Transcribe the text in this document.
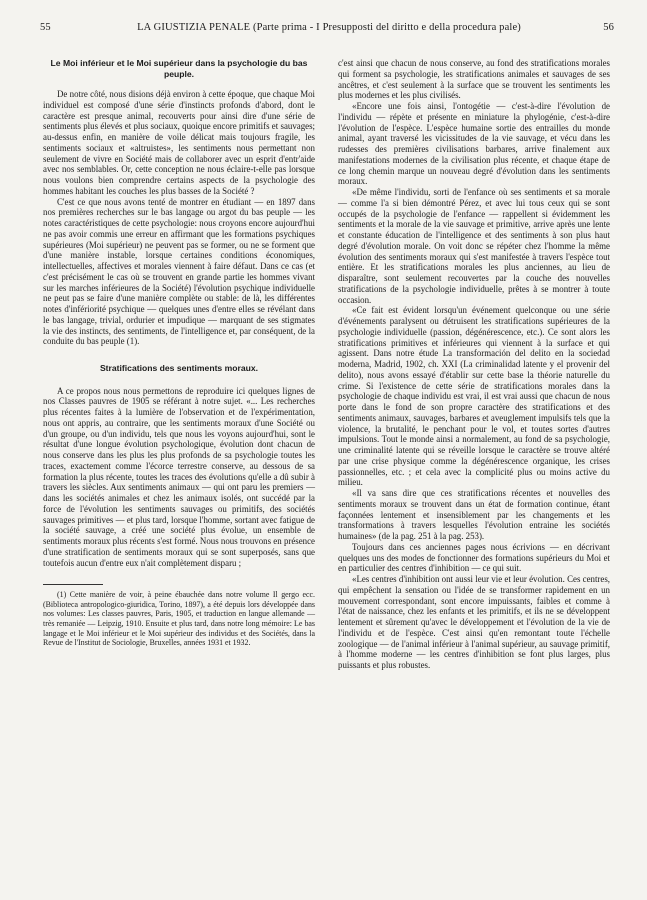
55	LA GIUSTIZIA PENALE (Parte prima - I Presupposti del diritto e della procedura pale)	56
Le Moi inférieur et le Moi supérieur dans la psychologie du bas peuple.

De notre côté, nous disions déjà environ à cette époque, que chaque Moi individuel est composé d'une série d'instincts profonds d'abord, dont le caractère est presque animal, recouverts pour ainsi dire d'une série de sentiments plus élevés et plus sociaux, quoique encore primitifs et sauvages; au-dessus enfin, en manière de voile délicat mais toujours fragile, les sentiments sociaux et «altruistes», les sentiments nous permettant non seulement de vivre en Société mais de collaborer avec un esprit d'entr'aide avec nos semblables. Or, cette conception ne nous éclaire-t-elle pas lorsque nous voulons bien comprendre certains aspects de la psychologie des hommes habitant les couches les plus basses de la Société ?

C'est ce que nous avons tenté de montrer en étudiant — en 1897 dans nos premières recherches sur le bas langage ou argot du bas peuple — les notes caractéristiques de cette psychologie: nous croyons encore aujourd'hui ne pas avoir commis une erreur en affirmant que les formations psychiques supérieures (Moi supérieur) ne peuvent pas se former, ou ne se forment que d'une manière instable, lorsque certaines conditions économiques, intellectuelles, affectives et morales viennent à faire défaut. Dans ce cas (et c'est précisément le cas où se trouvent en grande partie les hommes vivant sur les marches inférieures de la Société) l'évolution psychique individuelle ne peut pas se faire d'une manière complète ou stable: de là, les différentes notes d'infériorité psychique — quelques unes d'entre elles se révélant dans le bas langage, trivial, ordurier et impudique — marquant de ses stigmates la vie des instincts, des sentiments, de l'intelligence et, par conséquent, de la conduite du bas peuple (1).

Stratifications des sentiments moraux.

A ce propos nous nous permettons de reproduire ici quelques lignes de nos Classes pauvres de 1905 se référant à notre sujet. «... Les recherches plus récentes faites à la lumière de l'observation et de l'expérimentation, nous ont appris, au contraire, que les sentiments moraux d'une Société ou d'un groupe, ou d'un individu, tels que nous les voyons aujourd'hui, sont le résultat d'une longue évolution psychologique, évolution dont chacun de nous conserve dans les plus les plus profonds de sa psychologie toutes les traces, exactement comme l'écorce terrestre conserve, au dessous de sa formation la plus récente, toutes les traces des évolutions qu'elle a dû subir à travers les siècles. Aux sentiments animaux — qui ont paru les premiers — dans les sociétés animales et chez les animaux isolés, ont succédé par la force de l'évolution les sentiments sauvages ou primitifs, des sociétés sauvages primitives — et plus tard, lorsque l'homme, sortant avec fatigue de la société sauvage, a créé une société plus évolue, un ensemble de sentiments moraux plus récents s'est formé. Nous nous trouvons en présence d'une stratification de sentiments moraux qui se sont superposés, sans que toutefois aucun d'entre eux n'ait complètement disparu ;

(1) Cette manière de voir, à peine ébauchée dans notre volume Il gergo ecc. (Biblioteca antropologico-giuridica, Torino, 1897), a été depuis lors développée dans nos volumes: Les classes pauvres, Paris, 1905, et traduction en langue allemande — très remaniée — Leipzig, 1910. Ensuite et plus tard, dans notre long mémoire: Le bas langage et le Moi inférieur et le Moi supérieur des individus et des Sociétés, dans la Revue de l'Institut de Sociologie, Bruxelles, années 1931 et 1932.

c'est ainsi que chacun de nous conserve, au fond des stratifications morales qui forment sa psychologie, les stratifications animales et sauvages de ses ancêtres, et c'est seulement à la surface que se trouvent les sentiments les plus modernes et les plus civilisés.

«Encore une fois ainsi, l'ontogétie — c'est-à-dire l'évolution de l'individu — répète et présente en miniature la phylogénie, c'est-à-dire l'évolution de l'espèce. L'espèce humaine sortie des entrailles du monde animal, ayant traversé les vicissitudes de la vie sauvage, et vécu dans les rudesses des premières civilisations barbares, arrive finalement aux manifestations modernes de la civilisation plus récente, et chaque étape de ce long chemin marque un nouveau degré d'évolution dans les sentiments moraux.

«De même l'individu, sorti de l'enfance où ses sentiments et sa morale — comme l'a si bien démontré Pérez, et avec lui tous ceux qui se sont occupés de la psychologie de l'enfance — rappellent si évidemment les sentiments et la morale de la vie sauvage et primitive, arrive après une lente et constante éducation de l'intelligence et des sentiments à son plus haut degré d'évolution morale. On voit donc se répéter chez l'homme la même évolution des sentiments moraux qui s'est manifestée à travers l'espèce tout entière. Et les stratifications morales les plus anciennes, au lieu de disparaître, sont seulement recouvertes par la couche des nouvelles stratifications de la psychologie individuelle, prêtes à se montrer à toute occasion.

«Ce fait est évident lorsqu'un événement quelconque ou une série d'événements paralysent ou détruisent les stratifications supérieures de la psychologie individuelle (passion, dégénérescence, etc.). Ce sont alors les stratifications primitives et inférieures qui viennent à la surface et qui agissent. Dans notre étude La transformación del delito en la sociedad moderna, Madrid, 1902, ch. XXI (La criminalidad latente y el provenir del delito), nous avons essayé d'établir sur cette base la théorie naturelle du crime. Si l'existence de cette série de stratifications morales dans la psychologie de chaque individu est vrai, il est vrai aussi que chacun de nous porte dans le fond de son propre caractère des stratifications et des sentiments animaux, sauvages, barbares et aveuglement impulsifs tels que la violence, la brutalité, le penchant pour le vol, et toutes sortes d'autres impulsions. Tout le monde ainsi a normalement, au fond de sa psychologie, une criminalité latente qui se réveille lorsque le caractère se trouve altéré par une crise physique comme la dégénérescence organique, les crises passionnelles, etc. ; et cela avec la complicité plus ou moins active du milieu.

«Il va sans dire que ces stratifications récentes et nouvelles des sentiments moraux se trouvent dans un état de formation continue, étant façonnées lentement et insensiblement par les changements et les transformations à travers lesquelles l'évolution entraine les sociétés humaines» (de la pag. 251 à la pag. 253).

Toujours dans ces anciennes pages nous écrivions — en décrivant quelques uns des modes de fonctionner des formations supérieurs du Moi et en particulier des centres d'inhibition — ce qui suit.

«Les centres d'inhibition ont aussi leur vie et leur évolution. Ces centres, qui empêchent la sensation ou l'idée de se transformer rapidement en un mouvement correspondant, sont encore impuissants, faibles et comme à l'état de naissance, chez les enfants et les primitifs, et ils ne se développent lentement et sûrement qu'avec le développement et l'évolution de la vie de l'individu et de l'espèce. C'est ainsi qu'en remontant toute l'échelle zoologique — de l'animal inférieur à l'animal supérieur, au sauvage primitif, à l'homme moderne — les centres d'inhibition se font plus larges, plus puissants et plus robustes.
